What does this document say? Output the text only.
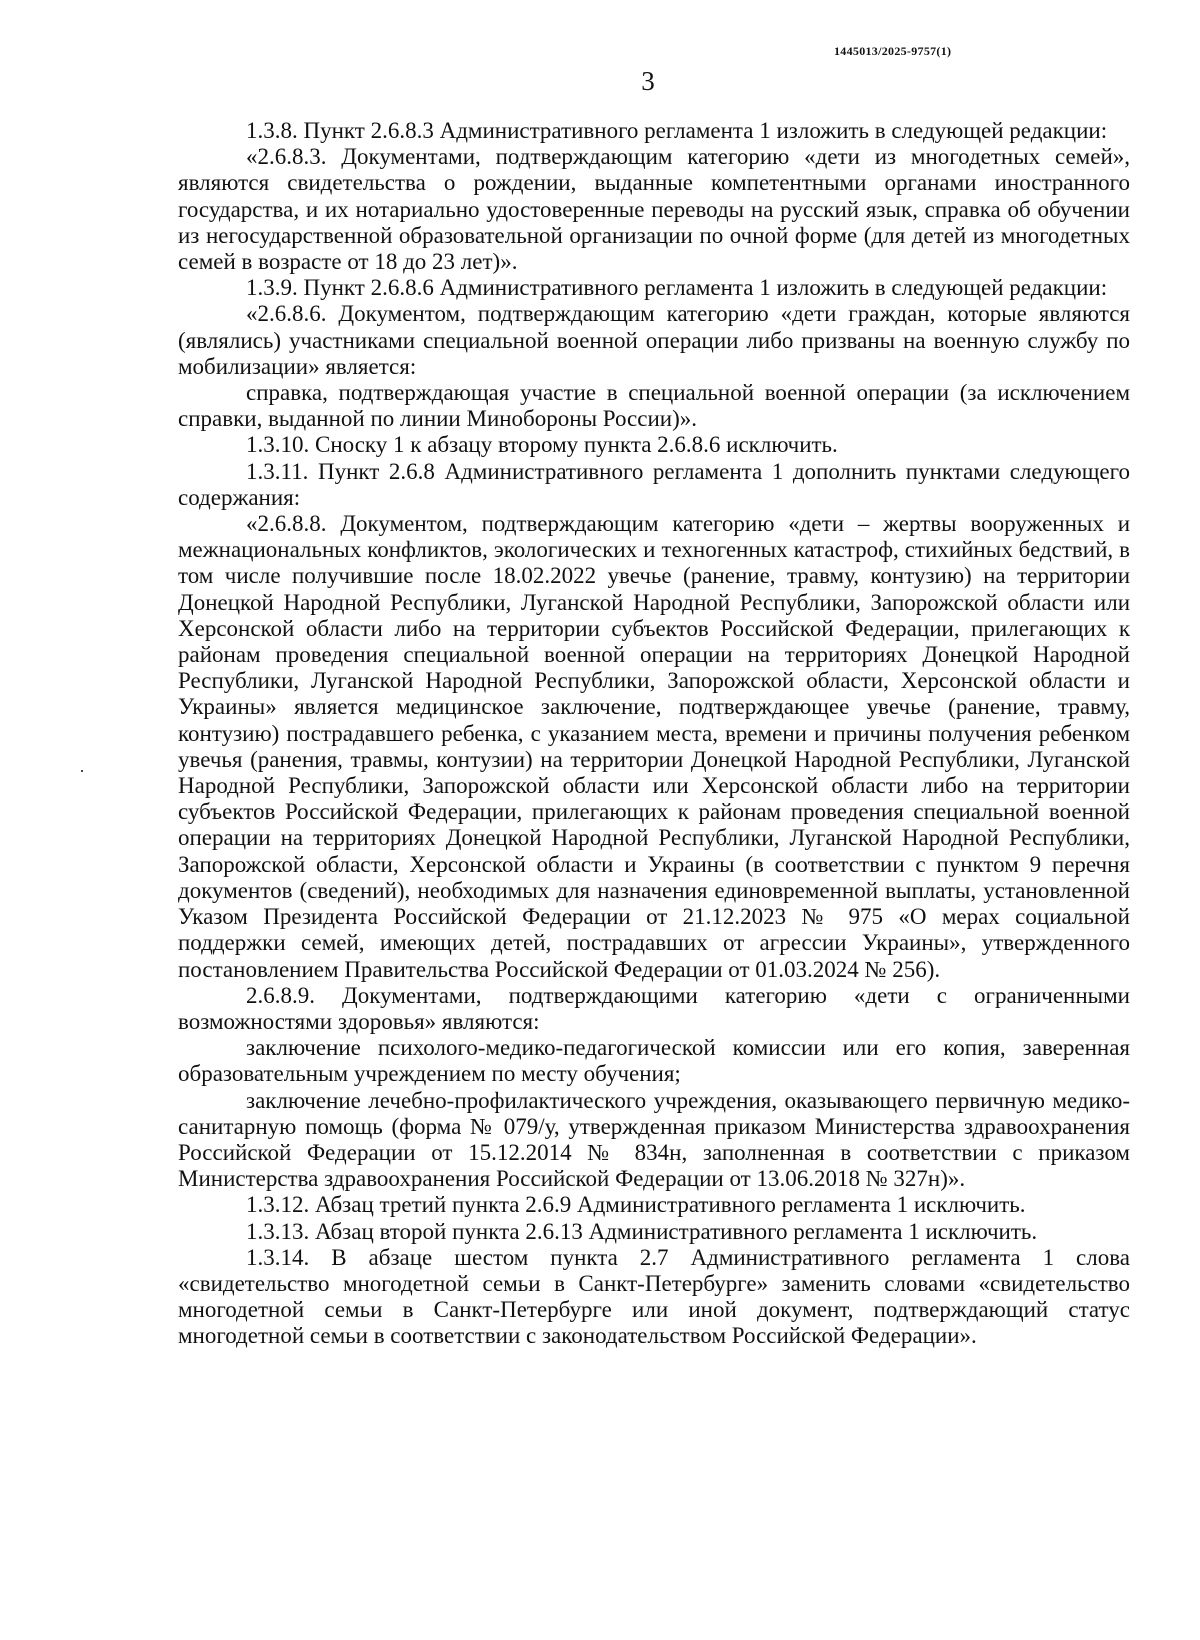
1445013/2025-9757(1)
3

1.3.8. Пункт 2.6.8.3 Административного регламента 1 изложить в следующей редакции:

«2.6.8.3. Документами, подтверждающим категорию «дети из многодетных семей», являются свидетельства о рождении, выданные компетентными органами иностранного государства, и их нотариально удостоверенные переводы на русский язык, справка об обучении из негосударственной образовательной организации по очной форме (для детей из многодетных семей в возрасте от 18 до 23 лет)».

1.3.9. Пункт 2.6.8.6 Административного регламента 1 изложить в следующей редакции:

«2.6.8.6. Документом, подтверждающим категорию «дети граждан, которые являются (являлись) участниками специальной военной операции либо призваны на военную службу по мобилизации» является:

справка, подтверждающая участие в специальной военной операции (за исключением справки, выданной по линии Минобороны России)».

1.3.10. Сноску 1 к абзацу второму пункта 2.6.8.6 исключить.

1.3.11. Пункт 2.6.8 Административного регламента 1 дополнить пунктами следующего содержания:

«2.6.8.8. Документом, подтверждающим категорию «дети – жертвы вооруженных и межнациональных конфликтов, экологических и техногенных катастроф, стихийных бедствий, в том числе получившие после 18.02.2022 увечье (ранение, травму, контузию) на территории Донецкой Народной Республики, Луганской Народной Республики, Запорожской области или Херсонской области либо на территории субъектов Российской Федерации, прилегающих к районам проведения специальной военной операции на территориях Донецкой Народной Республики, Луганской Народной Республики, Запорожской области, Херсонской области и Украины» является медицинское заключение, подтверждающее увечье (ранение, травму, контузию) пострадавшего ребенка, с указанием места, времени и причины получения ребенком увечья (ранения, травмы, контузии) на территории Донецкой Народной Республики, Луганской Народной Республики, Запорожской области или Херсонской области либо на территории субъектов Российской Федерации, прилегающих к районам проведения специальной военной операции на территориях Донецкой Народной Республики, Луганской Народной Республики, Запорожской области, Херсонской области и Украины (в соответствии с пунктом 9 перечня документов (сведений), необходимых для назначения единовременной выплаты, установленной Указом Президента Российской Федерации от 21.12.2023 № 975 «О мерах социальной поддержки семей, имеющих детей, пострадавших от агрессии Украины», утвержденного постановлением Правительства Российской Федерации от 01.03.2024 № 256).

2.6.8.9. Документами, подтверждающими категорию «дети с ограниченными возможностями здоровья» являются:

заключение психолого-медико-педагогической комиссии или его копия, заверенная образовательным учреждением по месту обучения;

заключение лечебно-профилактического учреждения, оказывающего первичную медико-санитарную помощь (форма № 079/у, утвержденная приказом Министерства здравоохранения Российской Федерации от 15.12.2014 № 834н, заполненная в соответствии с приказом Министерства здравоохранения Российской Федерации от 13.06.2018 № 327н)».

1.3.12. Абзац третий пункта 2.6.9 Административного регламента 1 исключить.

1.3.13. Абзац второй пункта 2.6.13 Административного регламента 1 исключить.

1.3.14. В абзаце шестом пункта 2.7 Административного регламента 1 слова «свидетельство многодетной семьи в Санкт-Петербурге» заменить словами «свидетельство многодетной семьи в Санкт-Петербурге или иной документ, подтверждающий статус многодетной семьи в соответствии с законодательством Российской Федерации».
